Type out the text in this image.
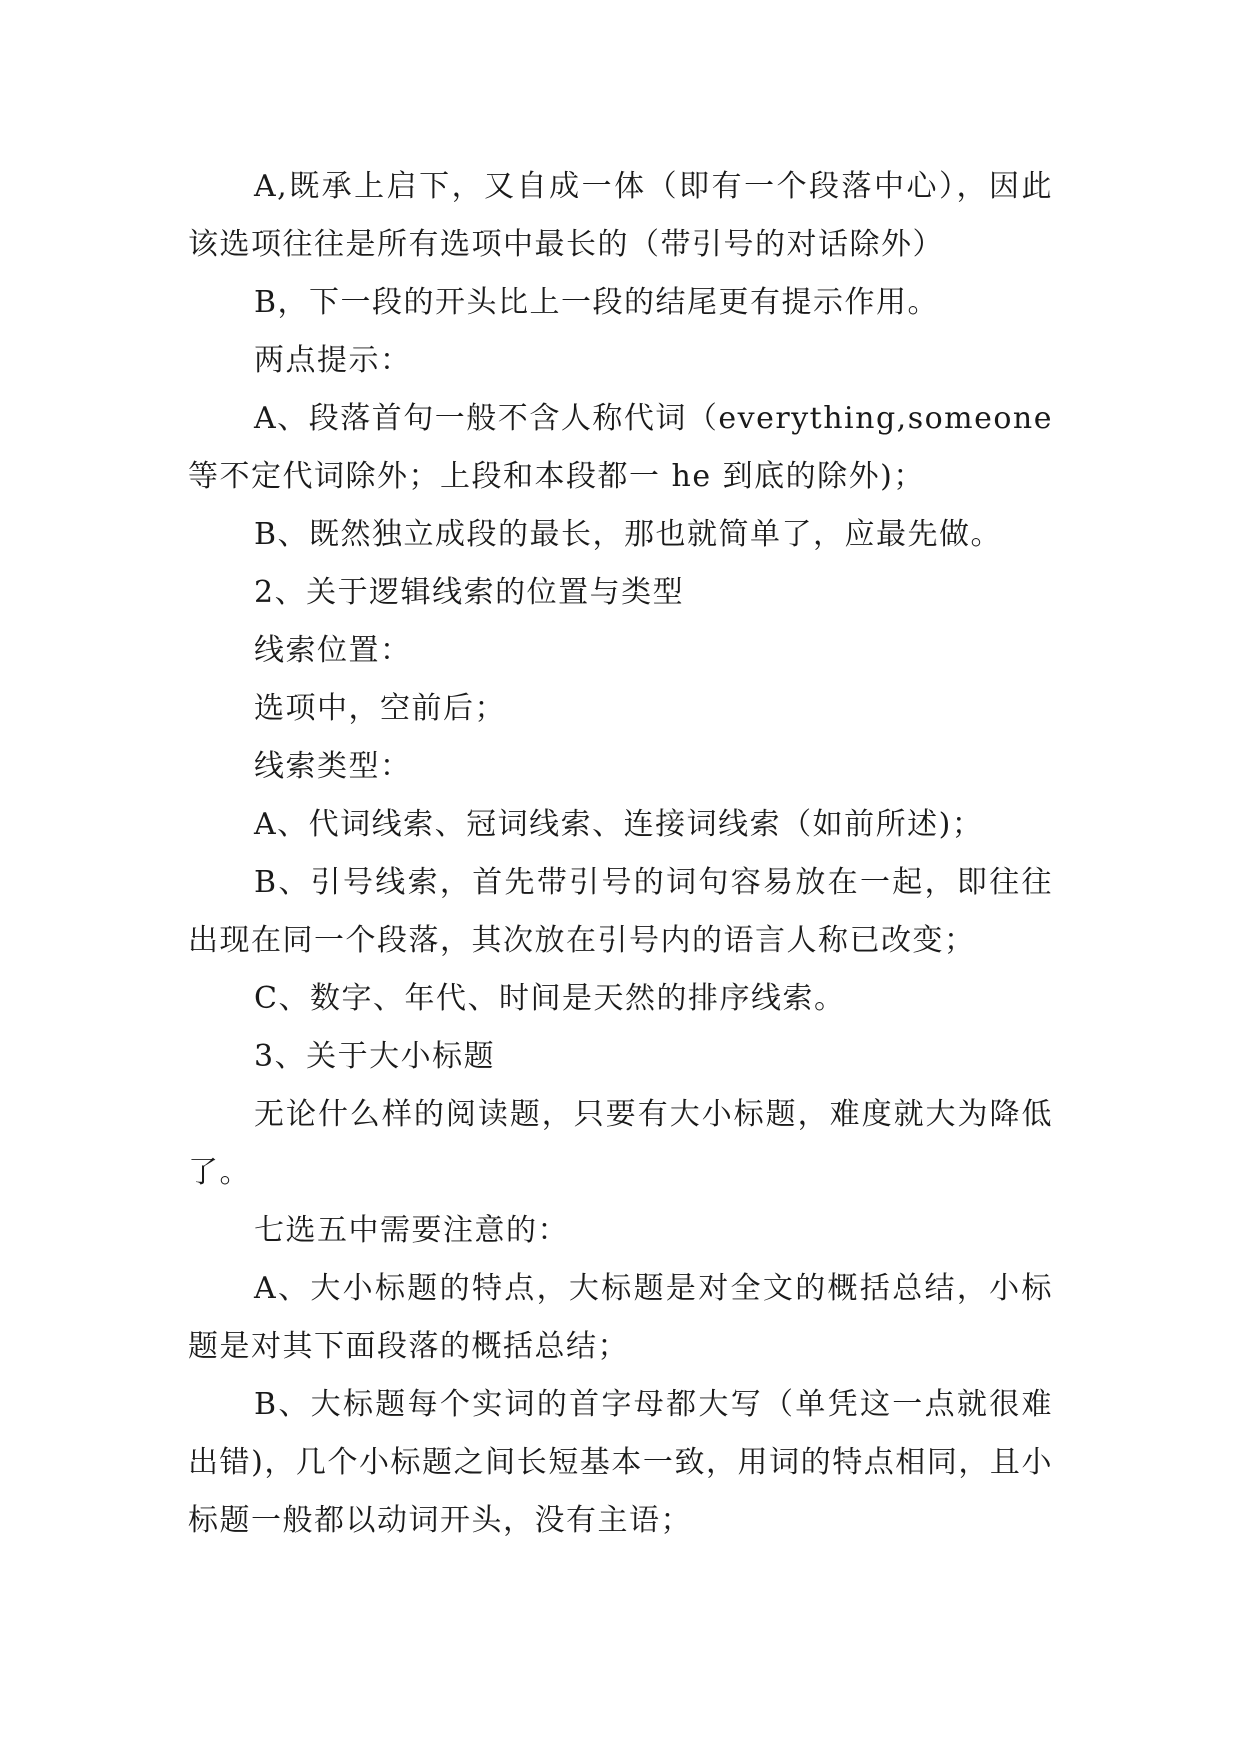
A,既承上启下，又自成一体（即有一个段落中心），因此该选项往往是所有选项中最长的（带引号的对话除外）

B，下一段的开头比上一段的结尾更有提示作用。

两点提示：

A、段落首句一般不含人称代词（everything,someone等不定代词除外；上段和本段都一 he 到底的除外)；

B、既然独立成段的最长，那也就简单了，应最先做。

2、关于逻辑线索的位置与类型

线索位置：

选项中，空前后；

线索类型：

A、代词线索、冠词线索、连接词线索（如前所述)；

B、引号线索，首先带引号的词句容易放在一起，即往往出现在同一个段落，其次放在引号内的语言人称已改变；

C、数字、年代、时间是天然的排序线索。

3、关于大小标题

无论什么样的阅读题，只要有大小标题，难度就大为降低了。

七选五中需要注意的：

A、大小标题的特点，大标题是对全文的概括总结，小标题是对其下面段落的概括总结；

B、大标题每个实词的首字母都大写（单凭这一点就很难出错)，几个小标题之间长短基本一致，用词的特点相同，且小标题一般都以动词开头，没有主语；
